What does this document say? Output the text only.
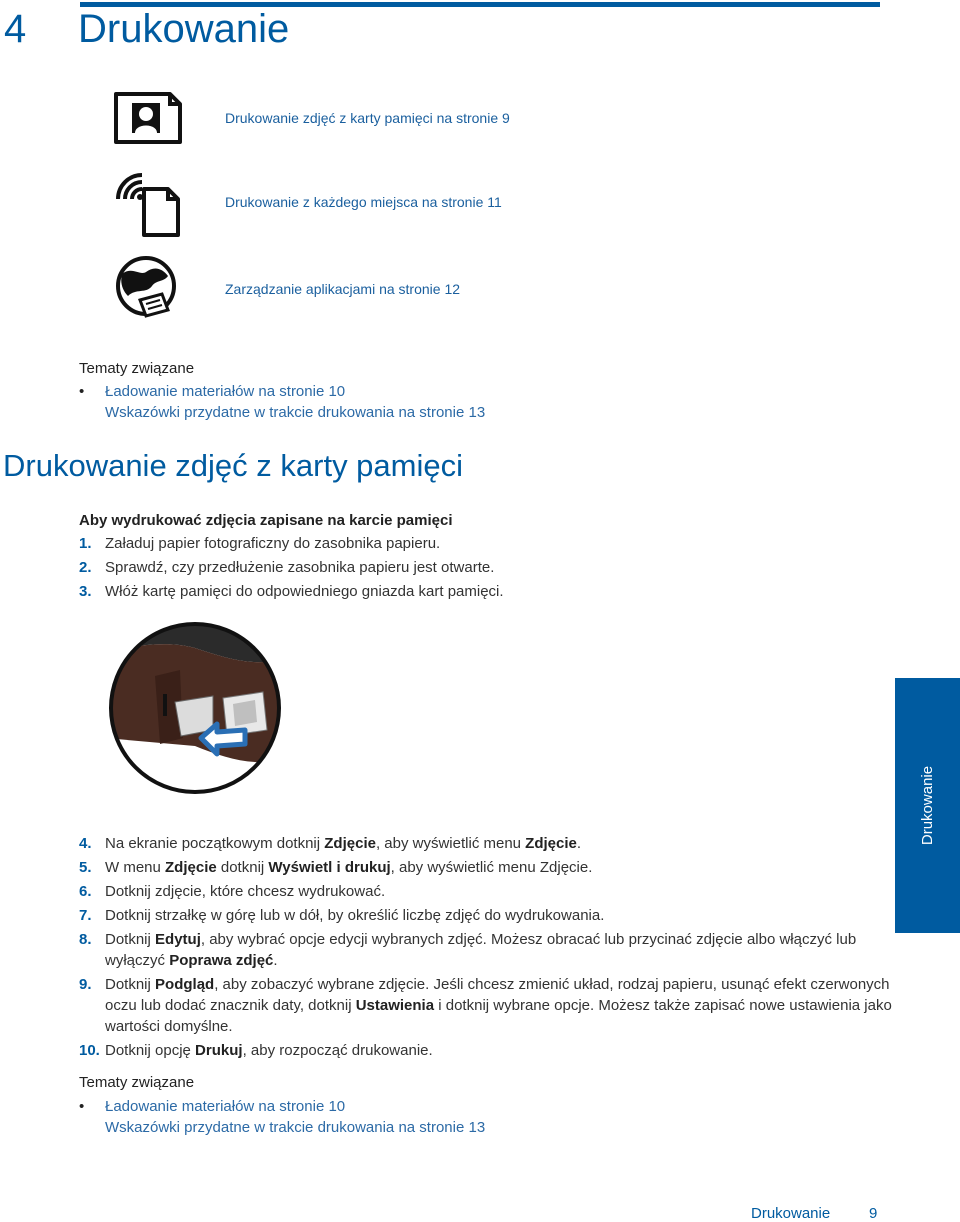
4 Drukowanie
Drukowanie zdjęć z karty pamięci na stronie 9
Drukowanie z każdego miejsca na stronie 11
Zarządzanie aplikacjami na stronie 12
Tematy związane
• Ładowanie materiałów na stronie 10
Wskazówki przydatne w trakcie drukowania na stronie 13
Drukowanie zdjęć z karty pamięci

Aby wydrukować zdjęcia zapisane na karcie pamięci

1. Załaduj papier fotograficzny do zasobnika papieru.

2. Sprawdź, czy przedłużenie zasobnika papieru jest otwarte.

3. Włóż kartę pamięci do odpowiedniego gniazda kart pamięci.

4. Na ekranie początkowym dotknij Zdjęcie, aby wyświetlić menu Zdjęcie.

5. W menu Zdjęcie dotknij Wyświetl i drukuj, aby wyświetlić menu Zdjęcie.

6. Dotknij zdjęcie, które chcesz wydrukować.

7. Dotknij strzałkę w górę lub w dół, by określić liczbę zdjęć do wydrukowania.

8. Dotknij Edytuj, aby wybrać opcje edycji wybranych zdjęć. Możesz obracać lub przycinać zdjęcie albo włączyć lub wyłączyć Poprawa zdjęć.

9. Dotknij Podgląd, aby zobaczyć wybrane zdjęcie. Jeśli chcesz zmienić układ, rodzaj papieru, usunąć efekt czerwonych oczu lub dodać znacznik daty, dotknij Ustawienia i dotknij wybrane opcje. Możesz także zapisać nowe ustawienia jako wartości domyślne.

10. Dotknij opcję Drukuj, aby rozpocząć drukowanie.

Tematy związane
• Ładowanie materiałów na stronie 10
Wskazówki przydatne w trakcie drukowania na stronie 13
Drukowanie
Drukowanie	9
